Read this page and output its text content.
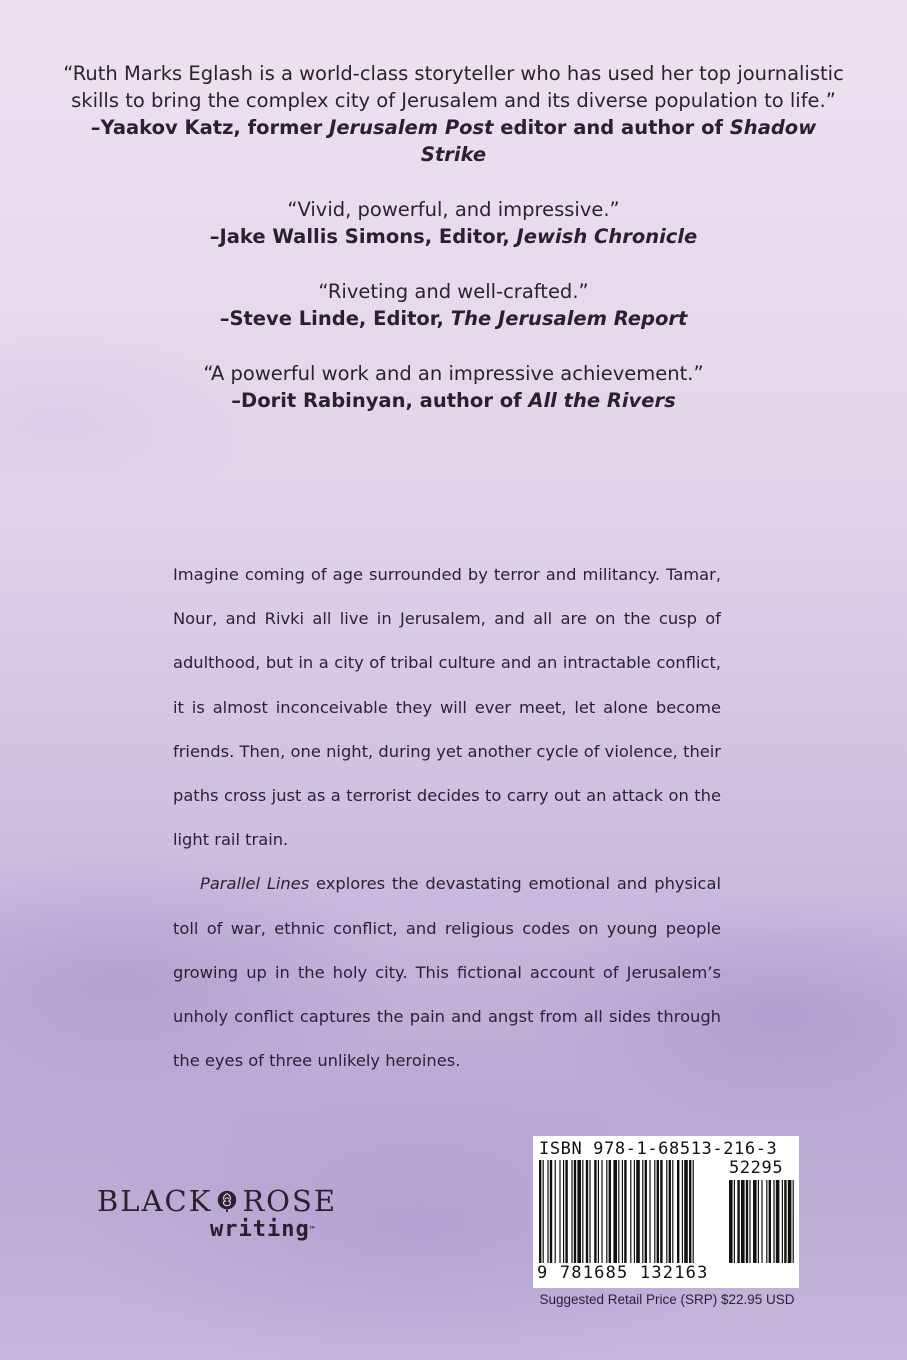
“Ruth Marks Eglash is a world-class storyteller who has used her top journalistic skills to bring the complex city of Jerusalem and its diverse population to life.”

–Yaakov Katz, former Jerusalem Post editor and author of Shadow Strike

“Vivid, powerful, and impressive.”

–Jake Wallis Simons, Editor, Jewish Chronicle

“Riveting and well-crafted.”

–Steve Linde, Editor, The Jerusalem Report

“A powerful work and an impressive achievement.”

–Dorit Rabinyan, author of All the Rivers

Imagine coming of age surrounded by terror and militancy. Tamar, Nour, and Rivki all live in Jerusalem, and all are on the cusp of adulthood, but in a city of tribal culture and an intractable conflict, it is almost inconceivable they will ever meet, let alone become friends. Then, one night, during yet another cycle of violence, their paths cross just as a terrorist decides to carry out an attack on the light rail train.

Parallel Lines explores the devastating emotional and physical toll of war, ethnic conflict, and religious codes on young people growing up in the holy city. This fictional account of Jerusalem’s unholy conflict captures the pain and angst from all sides through the eyes of three unlikely heroines.

BLACK ROSE
writing™
ISBN 978-1-68513-216-3
52295
9 781685 132163
Suggested Retail Price (SRP) $22.95 USD
